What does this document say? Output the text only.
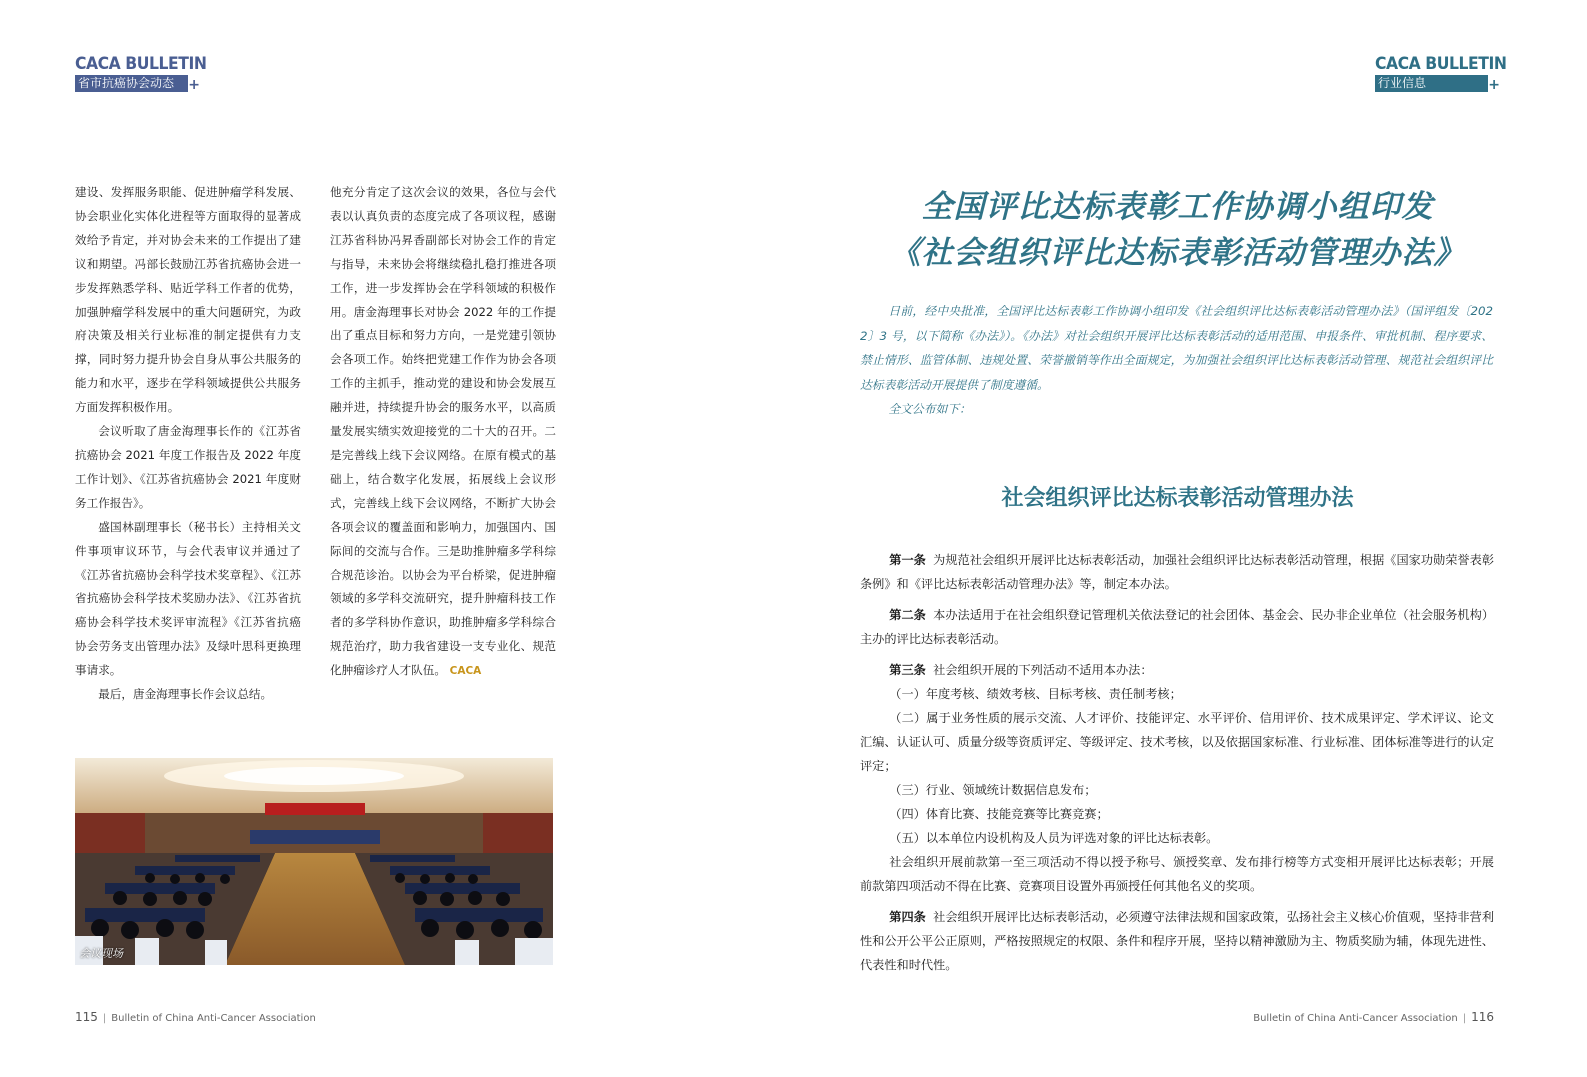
CACA BULLETIN
省市抗癌协会动态 +

建设、发挥服务职能、促进肿瘤学科发展、协会职业化实体化进程等方面取得的显著成效给予肯定，并对协会未来的工作提出了建议和期望。冯部长鼓励江苏省抗癌协会进一步发挥熟悉学科、贴近学科工作者的优势，加强肿瘤学科发展中的重大问题研究，为政府决策及相关行业标准的制定提供有力支撑，同时努力提升协会自身从事公共服务的能力和水平，逐步在学科领域提供公共服务方面发挥积极作用。

会议听取了唐金海理事长作的《江苏省抗癌协会 2021 年度工作报告及 2022 年度工作计划》、《江苏省抗癌协会 2021 年度财务工作报告》。

盛国林副理事长（秘书长）主持相关文件事项审议环节，与会代表审议并通过了《江苏省抗癌协会科学技术奖章程》、《江苏省抗癌协会科学技术奖励办法》、《江苏省抗癌协会科学技术奖评审流程》《江苏省抗癌协会劳务支出管理办法》及绿叶思科更换理事请求。

最后，唐金海理事长作会议总结。

他充分肯定了这次会议的效果，各位与会代表以认真负责的态度完成了各项议程，感谢江苏省科协冯昇香副部长对协会工作的肯定与指导，未来协会将继续稳扎稳打推进各项工作，进一步发挥协会在学科领域的积极作用。唐金海理事长对协会 2022 年的工作提出了重点目标和努力方向，一是党建引领协会各项工作。始终把党建工作作为协会各项工作的主抓手，推动党的建设和协会发展互融并进，持续提升协会的服务水平，以高质量发展实绩实效迎接党的二十大的召开。二是完善线上线下会议网络。在原有模式的基础上，结合数字化发展，拓展线上会议形式，完善线上线下会议网络，不断扩大协会各项会议的覆盖面和影响力，加强国内、国际间的交流与合作。三是助推肿瘤多学科综合规范诊治。以协会为平台桥梁，促进肿瘤领域的多学科交流研究，提升肿瘤科技工作者的多学科协作意识，助推肿瘤多学科综合规范治疗，助力我省建设一支专业化、规范化肿瘤诊疗人才队伍。 CACA

会议现场
115 | Bulletin of China Anti-Cancer Association
CACA BULLETIN
行业信息	+
全国评比达标表彰工作协调小组印发
《社会组织评比达标表彰活动管理办法》

日前，经中央批准，全国评比达标表彰工作协调小组印发《社会组织评比达标表彰活动管理办法》（国评组发〔2022〕3 号，以下简称《办法》）。《办法》对社会组织开展评比达标表彰活动的适用范围、申报条件、审批机制、程序要求、禁止情形、监管体制、违规处置、荣誉撤销等作出全面规定，为加强社会组织评比达标表彰活动管理、规范社会组织评比达标表彰活动开展提供了制度遵循。

全文公布如下：

社会组织评比达标表彰活动管理办法

第一条 为规范社会组织开展评比达标表彰活动，加强社会组织评比达标表彰活动管理，根据《国家功勋荣誉表彰条例》和《评比达标表彰活动管理办法》等，制定本办法。

第二条 本办法适用于在社会组织登记管理机关依法登记的社会团体、基金会、民办非企业单位（社会服务机构）主办的评比达标表彰活动。

第三条 社会组织开展的下列活动不适用本办法：

（一）年度考核、绩效考核、目标考核、责任制考核；

（二）属于业务性质的展示交流、人才评价、技能评定、水平评价、信用评价、技术成果评定、学术评议、论文汇编、认证认可、质量分级等资质评定、等级评定、技术考核，以及依据国家标准、行业标准、团体标准等进行的认定评定；

（三）行业、领域统计数据信息发布；

（四）体育比赛、技能竞赛等比赛竞赛；

（五）以本单位内设机构及人员为评选对象的评比达标表彰。

社会组织开展前款第一至三项活动不得以授予称号、颁授奖章、发布排行榜等方式变相开展评比达标表彰；开展前款第四项活动不得在比赛、竞赛项目设置外再颁授任何其他名义的奖项。

第四条 社会组织开展评比达标表彰活动，必须遵守法律法规和国家政策，弘扬社会主义核心价值观，坚持非营利性和公开公平公正原则，严格按照规定的权限、条件和程序开展，坚持以精神激励为主、物质奖励为辅，体现先进性、代表性和时代性。

Bulletin of China Anti-Cancer Association | 116
